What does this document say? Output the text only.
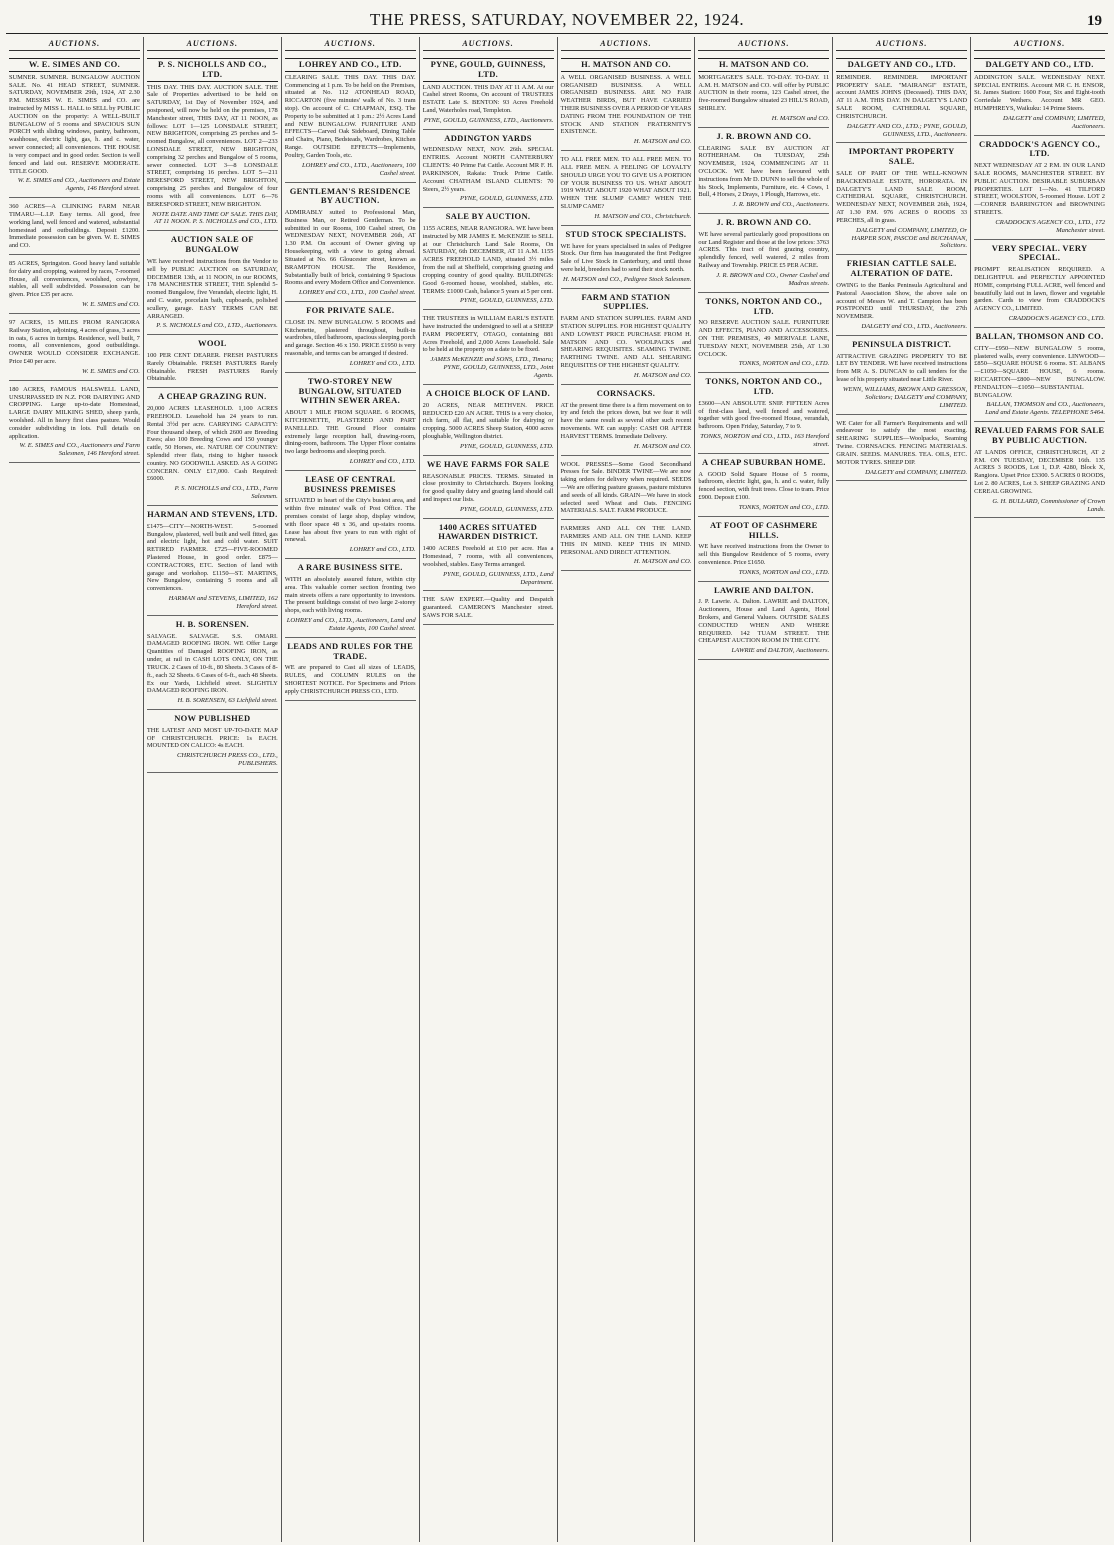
THE PRESS, SATURDAY, NOVEMBER 22, 1924.	19
AUCTIONS.
W. E. SIMES AND CO.
SUMNER. SUMNER. BUNGALOW AUCTION SALE. No. 41 HEAD STREET, SUMNER. SATURDAY, NOVEMBER 29th, 1924, AT 2.30 P.M. MESSRS W. E. SIMES and CO. are instructed by MISS L. HALL to SELL by PUBLIC AUCTION on the property: A WELL-BUILT BUNGALOW of 5 rooms and SPACIOUS SUN PORCH with sliding windows, pantry, bathroom, washhouse, electric light, gas, h. and c. water, sewer connected; all conveniences. THE HOUSE is very compact and in good order. Section is well fenced and laid out. RESERVE MODERATE. TITLE GOOD.
W. E. SIMES and CO., Auctioneers and Estate Agents, 146 Hereford street.
360 ACRES—A CLINKING FARM NEAR TIMARU—L.I.P. Easy terms. All good, free working land, well fenced and watered, substantial homestead and outbuildings. Deposit £1200. Immediate possession can be given. W. E. SIMES and CO.
85 ACRES, Springston. Good heavy land suitable for dairy and cropping, watered by races, 7-roomed House, all conveniences, woolshed, cowbyre, stables, all well subdivided. Possession can be given. Price £35 per acre.
W. E. SIMES and CO.
97 ACRES, 15 MILES FROM RANGIORA Railway Station, adjoining, 4 acres of grass, 3 acres in oats, 6 acres in turnips. Residence, well built, 7 rooms, all conveniences, good outbuildings. OWNER WOULD CONSIDER EXCHANGE. Price £40 per acre.
W. E. SIMES and CO.
180 ACRES, FAMOUS HALSWELL LAND, UNSURPASSED IN N.Z. FOR DAIRYING AND CROPPING. Large up-to-date Homestead, LARGE DAIRY MILKING SHED, sheep yards, woolshed. All in heavy first class pasture. Would consider subdividing in lots. Full details on application.
W. E. SIMES and CO., Auctioneers and Farm Salesmen, 146 Hereford street.
AUCTIONS.
P. S. NICHOLLS AND CO., LTD.
THIS DAY. THIS DAY. AUCTION SALE. THE Sale of Properties advertised to be held on SATURDAY, 1st Day of November 1924, and postponed, will now be held on the premises, 178 Manchester street, THIS DAY, AT 11 NOON, as follows: LOT 1—125 LONSDALE STREET, NEW BRIGHTON, comprising 25 perches and 5-roomed Bungalow, all conveniences. LOT 2—233 LONSDALE STREET, NEW BRIGHTON, comprising 32 perches and Bungalow of 5 rooms, sewer connected. LOT 3—8 LONSDALE STREET, comprising 16 perches. LOT 5—211 BERESFORD STREET, NEW BRIGHTON, comprising 25 perches and Bungalow of four rooms with all conveniences. LOT 6—76 BERESFORD STREET, NEW BRIGHTON.
NOTE DATE AND TIME OF SALE. THIS DAY, AT 11 NOON. P. S. NICHOLLS and CO., LTD.
AUCTION SALE OF BUNGALOW
WE have received instructions from the Vendor to sell by PUBLIC AUCTION on SATURDAY, DECEMBER 13th, at 11 NOON, in our ROOMS, 178 MANCHESTER STREET, THE Splendid 5-roomed Bungalow, five Verandah, electric light, H. and C. water, porcelain bath, cupboards, polished scullery, garage. EASY TERMS CAN BE ARRANGED.
P. S. NICHOLLS and CO., LTD., Auctioneers.
WOOL
100 PER CENT DEARER. FRESH PASTURES Rarely Obtainable. FRESH PASTURES Rarely Obtainable. FRESH PASTURES Rarely Obtainable.
A CHEAP GRAZING RUN.
20,000 ACRES LEASEHOLD. 1,100 ACRES FREEHOLD. Leasehold has 24 years to run. Rental 3½d per acre. CARRYING CAPACITY: Four thousand sheep, of which 2600 are Breeding Ewes; also 100 Breeding Cows and 150 younger cattle, 50 Horses, etc. NATURE OF COUNTRY: Splendid river flats, rising to higher tussock country. NO GOODWILL ASKED. AS A GOING CONCERN. ONLY £17,000. Cash Required: £6000.
P. S. NICHOLLS and CO., LTD., Farm Salesmen.
HARMAN AND STEVENS, LTD.
£1475—CITY—NORTH-WEST. 5-roomed Bungalow, plastered, well built and well fitted, gas and electric light, hot and cold water. SUIT RETIRED FARMER. £725—FIVE-ROOMED Plastered House, in good order. £875—CONTRACTORS, ETC. Section of land with garage and workshop. £1150—ST. MARTINS, New Bungalow, containing 5 rooms and all conveniences.
HARMAN and STEVENS, LIMITED, 162 Hereford street.
H. B. SORENSEN.
SALVAGE. SALVAGE. S.S. OMARI. DAMAGED ROOFING IRON. WE Offer Large Quantities of Damaged ROOFING IRON, as under, at rail in CASH LOTS ONLY, ON THE TRUCK. 2 Cases of 10-ft., 80 Sheets. 3 Cases of 8-ft., each 32 Sheets. 6 Cases of 6-ft., each 48 Sheets. Ex our Yards, Lichfield street. SLIGHTLY DAMAGED ROOFING IRON.
H. B. SORENSEN, 63 Lichfield street.
NOW PUBLISHED
THE LATEST AND MOST UP-TO-DATE MAP OF CHRISTCHURCH. PRICE: 1s EACH. MOUNTED ON CALICO: 4s EACH.
CHRISTCHURCH PRESS CO., LTD., PUBLISHERS.
AUCTIONS.
LOHREY AND CO., LTD.
CLEARING SALE. THIS DAY. THIS DAY. Commencing at 1 p.m. To be held on the Premises, situated at No. 112 ATONHEAD ROAD, RICCARTON (five minutes' walk of No. 3 tram stop). On account of C. CHAPMAN, ESQ. The Property to be submitted at 1 p.m.: 2½ Acres Land and NEW BUNGALOW. FURNITURE AND EFFECTS—Carved Oak Sideboard, Dining Table and Chairs, Piano, Bedsteads, Wardrobes, Kitchen Range. OUTSIDE EFFECTS—Implements, Poultry, Garden Tools, etc.
LOHREY and CO., LTD., Auctioneers, 100 Cashel street.
GENTLEMAN'S RESIDENCE BY AUCTION.
ADMIRABLY suited to Professional Man, Business Man, or Retired Gentleman. To be submitted in our Rooms, 100 Cashel street, On WEDNESDAY NEXT, NOVEMBER 26th, AT 1.30 P.M. On account of Owner giving up Housekeeping, with a view to going abroad. Situated at No. 66 Gloucester street, known as BRAMPTON HOUSE. The Residence, Substantially built of brick, containing 9 Spacious Rooms and every Modern Office and Convenience.
LOHREY and CO., LTD., 100 Cashel street.
FOR PRIVATE SALE.
CLOSE IN. NEW BUNGALOW. 5 ROOMS and Kitchenette, plastered throughout, built-in wardrobes, tiled bathroom, spacious sleeping porch and garage. Section 46 x 150. PRICE £1950 is very reasonable, and terms can be arranged if desired.
LOHREY and CO., LTD.
TWO-STOREY NEW BUNGALOW, SITUATED WITHIN SEWER AREA.
ABOUT 1 MILE FROM SQUARE. 6 ROOMS, KITCHENETTE, PLASTERED AND PART PANELLED. THE Ground Floor contains extremely large reception hall, drawing-room, dining-room, bathroom. The Upper Floor contains two large bedrooms and sleeping porch.
LOHREY and CO., LTD.
LEASE OF CENTRAL BUSINESS PREMISES
SITUATED in heart of the City's busiest area, and within five minutes' walk of Post Office. The premises consist of large shop, display window, with floor space 48 x 36, and up-stairs rooms. Lease has about five years to run with right of renewal.
LOHREY and CO., LTD.
A RARE BUSINESS SITE.
WITH an absolutely assured future, within city area. This valuable corner section fronting two main streets offers a rare opportunity to investors. The present buildings consist of two large 2-storey shops, each with living rooms.
LOHREY and CO., LTD., Auctioneers, Land and Estate Agents, 100 Cashel street.
LEADS AND RULES FOR THE TRADE.
WE are prepared to Cast all sizes of LEADS, RULES, and COLUMN RULES on the SHORTEST NOTICE. For Specimens and Prices apply CHRISTCHURCH PRESS CO., LTD.
AUCTIONS.
PYNE, GOULD, GUINNESS, LTD.
LAND AUCTION. THIS DAY AT 11 A.M. At our Cashel street Rooms, On account of TRUSTEES ESTATE Late S. BENTON: 93 Acres Freehold Land, Waterholes road, Templeton.
PYNE, GOULD, GUINNESS, LTD., Auctioneers.
ADDINGTON YARDS
WEDNESDAY NEXT, NOV. 26th. SPECIAL ENTRIES. Account NORTH CANTERBURY CLIENTS: 40 Prime Fat Cattle. Account MR F. H. PARKINSON, Rakaia: Truck Prime Cattle. Account CHATHAM ISLAND CLIENTS: 70 Steers, 2½ years.
PYNE, GOULD, GUINNESS, LTD.
SALE BY AUCTION.
1155 ACRES, NEAR RANGIORA. WE have been instructed by MR JAMES E. McKENZIE to SELL at our Christchurch Land Sale Rooms, On SATURDAY, 6th DECEMBER, AT 11 A.M. 1155 ACRES FREEHOLD LAND, situated 3½ miles from the rail at Sheffield, comprising grazing and cropping country of good quality. BUILDINGS: Good 6-roomed house, woolshed, stables, etc. TERMS: £1000 Cash, balance 5 years at 5 per cent.
PYNE, GOULD, GUINNESS, LTD.
THE TRUSTEES in WILLIAM EARL'S ESTATE have instructed the undersigned to sell at a SHEEP FARM PROPERTY, OTAGO, containing 881 Acres Freehold, and 2,000 Acres Leasehold. Sale to be held at the property on a date to be fixed.
JAMES McKENZIE and SONS, LTD., Timaru; PYNE, GOULD, GUINNESS, LTD., Joint Agents.
A CHOICE BLOCK OF LAND.
20 ACRES, NEAR METHVEN. PRICE REDUCED £20 AN ACRE. THIS is a very choice, rich farm, all flat, and suitable for dairying or cropping. 5000 ACRES Sheep Station, 4000 acres ploughable, Wellington district.
PYNE, GOULD, GUINNESS, LTD.
WE HAVE FARMS FOR SALE
REASONABLE PRICES. TERMS. Situated in close proximity to Christchurch. Buyers looking for good quality dairy and grazing land should call and inspect our lists.
PYNE, GOULD, GUINNESS, LTD.
1400 ACRES SITUATED HAWARDEN DISTRICT.
1400 ACRES Freehold at £10 per acre. Has a Homestead, 7 rooms, with all conveniences, woolshed, stables. Easy Terms arranged.
PYNE, GOULD, GUINNESS, LTD., Land Department.
THE SAW EXPERT.—Quality and Despatch guaranteed. CAMERON'S Manchester street. SAWS FOR SALE.
AUCTIONS.
H. MATSON AND CO.
A WELL ORGANISED BUSINESS. A WELL ORGANISED BUSINESS. A WELL ORGANISED BUSINESS. ARE NO FAIR WEATHER BIRDS, BUT HAVE CARRIED THEIR BUSINESS OVER A PERIOD OF YEARS DATING FROM THE FOUNDATION OF THE STOCK AND STATION FRATERNITY'S EXISTENCE.
H. MATSON and CO.
TO ALL FREE MEN. TO ALL FREE MEN. TO ALL FREE MEN. A FEELING OF LOYALTY SHOULD URGE YOU TO GIVE US A PORTION OF YOUR BUSINESS TO US. WHAT ABOUT 1919 WHAT ABOUT 1920 WHAT ABOUT 1921. WHEN THE SLUMP CAME? WHEN THE SLUMP CAME?
H. MATSON and CO., Christchurch.
STUD STOCK SPECIALISTS.
WE have for years specialised in sales of Pedigree Stock. Our firm has inaugurated the first Pedigree Sale of Live Stock in Canterbury, and until those were held, breeders had to send their stock north.
H. MATSON and CO., Pedigree Stock Salesmen.
FARM AND STATION SUPPLIES.
FARM AND STATION SUPPLIES. FARM AND STATION SUPPLIES. FOR HIGHEST QUALITY AND LOWEST PRICE PURCHASE FROM H. MATSON AND CO. WOOLPACKS and SHEARING REQUISITES. SEAMING TWINE. FARTHING TWINE. AND ALL SHEARING REQUISITES OF THE HIGHEST QUALITY.
H. MATSON and CO.
CORNSACKS.
AT the present time there is a firm movement on to try and fetch the prices down, but we fear it will have the same result as several other such recent movements. WE can supply: CASH OR AFTER HARVEST TERMS. Immediate Delivery.
H. MATSON and CO.
WOOL PRESSES—Some Good Secondhand Presses for Sale. BINDER TWINE—We are now taking orders for delivery when required. SEEDS—We are offering pasture grasses, pasture mixtures and seeds of all kinds. GRAIN—We have in stock selected seed Wheat and Oats. FENCING MATERIALS. SALT. FARM PRODUCE.
FARMERS AND ALL ON THE LAND. FARMERS AND ALL ON THE LAND. KEEP THIS IN MIND. KEEP THIS IN MIND. PERSONAL AND DIRECT ATTENTION.
H. MATSON and CO.
AUCTIONS.
H. MATSON AND CO.
MORTGAGEE'S SALE. TO-DAY. TO-DAY. 11 A.M. H. MATSON and CO. will offer by PUBLIC AUCTION in their rooms, 123 Cashel street, the five-roomed Bungalow situated 23 HILL'S ROAD, SHIRLEY.
H. MATSON and CO.
J. R. BROWN AND CO.
CLEARING SALE BY AUCTION AT ROTHERHAM. On TUESDAY, 25th NOVEMBER, 1924, COMMENCING AT 11 O'CLOCK. WE have been favoured with instructions from Mr D. DUNN to sell the whole of his Stock, Implements, Furniture, etc. 4 Cows, 1 Bull, 4 Horses, 2 Drays, 1 Plough, Harrows, etc.
J. R. BROWN and CO., Auctioneers.
J. R. BROWN AND CO.
WE have several particularly good propositions on our Land Register and those at the low prices: 3763 ACRES. This tract of first grazing country, splendidly fenced, well watered, 2 miles from Railway and Township. PRICE £5 PER ACRE.
J. R. BROWN and CO., Owner Cashel and Madras streets.
TONKS, NORTON AND CO., LTD.
NO RESERVE AUCTION SALE. FURNITURE AND EFFECTS, PIANO AND ACCESSORIES. ON THE PREMISES, 49 MERIVALE LANE, TUESDAY NEXT, NOVEMBER 25th, AT 1.30 O'CLOCK.
TONKS, NORTON and CO., LTD.
TONKS, NORTON AND CO., LTD.
£3600—AN ABSOLUTE SNIP. FIFTEEN Acres of first-class land, well fenced and watered, together with good five-roomed House, verandah, bathroom. Open Friday, Saturday, 7 to 9.
TONKS, NORTON and CO., LTD., 163 Hereford street.
A CHEAP SUBURBAN HOME.
A GOOD Solid Square House of 5 rooms, bathroom, electric light, gas, h. and c. water, fully fenced section, with fruit trees. Close to tram. Price £900. Deposit £100.
TONKS, NORTON and CO., LTD.
AT FOOT OF CASHMERE HILLS.
WE have received instructions from the Owner to sell this Bungalow Residence of 5 rooms, every convenience. Price £1650.
TONKS, NORTON and CO., LTD.
LAWRIE AND DALTON.
J. P. Lawrie. A. Dalton. LAWRIE and DALTON, Auctioneers, House and Land Agents, Hotel Brokers, and General Valuers. OUTSIDE SALES CONDUCTED WHEN AND WHERE REQUIRED. 142 TUAM STREET. THE CHEAPEST AUCTION ROOM IN THE CITY.
LAWRIE and DALTON, Auctioneers.
AUCTIONS.
DALGETY AND CO., LTD.
REMINDER. REMINDER. IMPORTANT PROPERTY SALE. "MAIRANGI" ESTATE, account JAMES JOHNS (Deceased). THIS DAY, AT 11 A.M. THIS DAY. IN DALGETY'S LAND SALE ROOM, CATHEDRAL SQUARE, CHRISTCHURCH.
DALGETY AND CO., LTD.; PYNE, GOULD, GUINNESS, LTD., Auctioneers.
IMPORTANT PROPERTY SALE.
SALE OF PART OF THE WELL-KNOWN BRACKENDALE ESTATE, HORORATA. IN DALGETY'S LAND SALE ROOM, CATHEDRAL SQUARE, CHRISTCHURCH. WEDNESDAY NEXT, NOVEMBER 26th, 1924, AT 1.30 P.M. 976 ACRES 0 ROODS 33 PERCHES, all in grass.
DALGETY and COMPANY, LIMITED, Or HARPER SON, PASCOE and BUCHANAN, Solicitors.
FRIESIAN CATTLE SALE. ALTERATION OF DATE.
OWING to the Banks Peninsula Agricultural and Pastoral Association Show, the above sale on account of Messrs W. and T. Campion has been POSTPONED until THURSDAY, the 27th NOVEMBER.
DALGETY and CO., LTD., Auctioneers.
PENINSULA DISTRICT.
ATTRACTIVE GRAZING PROPERTY TO BE LET BY TENDER. WE have received instructions from MR A. S. DUNCAN to call tenders for the lease of his property situated near Little River.
WENN, WILLIAMS, BROWN AND GRESSON, Solicitors; DALGETY and COMPANY, LIMITED.
WE Cater for all Farmer's Requirements and will endeavour to satisfy the most exacting. SHEARING SUPPLIES—Woolpacks, Seaming Twine. CORNSACKS. FENCING MATERIALS. GRAIN. SEEDS. MANURES. TEA. OILS, ETC. MOTOR TYRES. SHEEP DIP.
DALGETY and COMPANY, LIMITED.
AUCTIONS.
DALGETY AND CO., LTD.
ADDINGTON SALE. WEDNESDAY NEXT. SPECIAL ENTRIES. Account MR C. H. ENSOR, St. James Station: 1600 Four, Six and Eight-tooth Corriedale Wethers. Account MR GEO. HUMPHREYS, Waikuku: 14 Prime Steers.
DALGETY and COMPANY, LIMITED, Auctioneers.
CRADDOCK'S AGENCY CO., LTD.
NEXT WEDNESDAY AT 2 P.M. IN OUR LAND SALE ROOMS, MANCHESTER STREET. BY PUBLIC AUCTION. DESIRABLE SUBURBAN PROPERTIES. LOT 1—No. 41 TILFORD STREET, WOOLSTON, 5-roomed House. LOT 2—CORNER BARRINGTON and BROWNING STREETS.
CRADDOCK'S AGENCY CO., LTD., 172 Manchester street.
VERY SPECIAL. VERY SPECIAL.
PROMPT REALISATION REQUIRED. A DELIGHTFUL and PERFECTLY APPOINTED HOME, comprising FULL ACRE, well fenced and beautifully laid out in lawn, flower and vegetable garden. Cards to view from CRADDOCK'S AGENCY CO., LIMITED.
CRADDOCK'S AGENCY CO., LTD.
BALLAN, THOMSON AND CO.
CITY—£950—NEW BUNGALOW 5 rooms, plastered walls, every convenience. LINWOOD—£850—SQUARE HOUSE 6 rooms. ST. ALBANS—£1050—SQUARE HOUSE, 6 rooms. RICCARTON—£800—NEW BUNGALOW. FENDALTON—£1050—SUBSTANTIAL BUNGALOW.
BALLAN, THOMSON and CO., Auctioneers, Land and Estate Agents. TELEPHONE 5464.
REVALUED FARMS FOR SALE BY PUBLIC AUCTION.
AT LANDS OFFICE, CHRISTCHURCH, AT 2 P.M. ON TUESDAY, DECEMBER 16th. 135 ACRES 3 ROODS, Lot 1, D.P. 4280, Block X, Rangiora. Upset Price £3300. 5 ACRES 0 ROODS, Lot 2. 80 ACRES, Lot 3. SHEEP GRAZING AND CEREAL GROWING.
G. H. BULLARD, Commissioner of Crown Lands.
